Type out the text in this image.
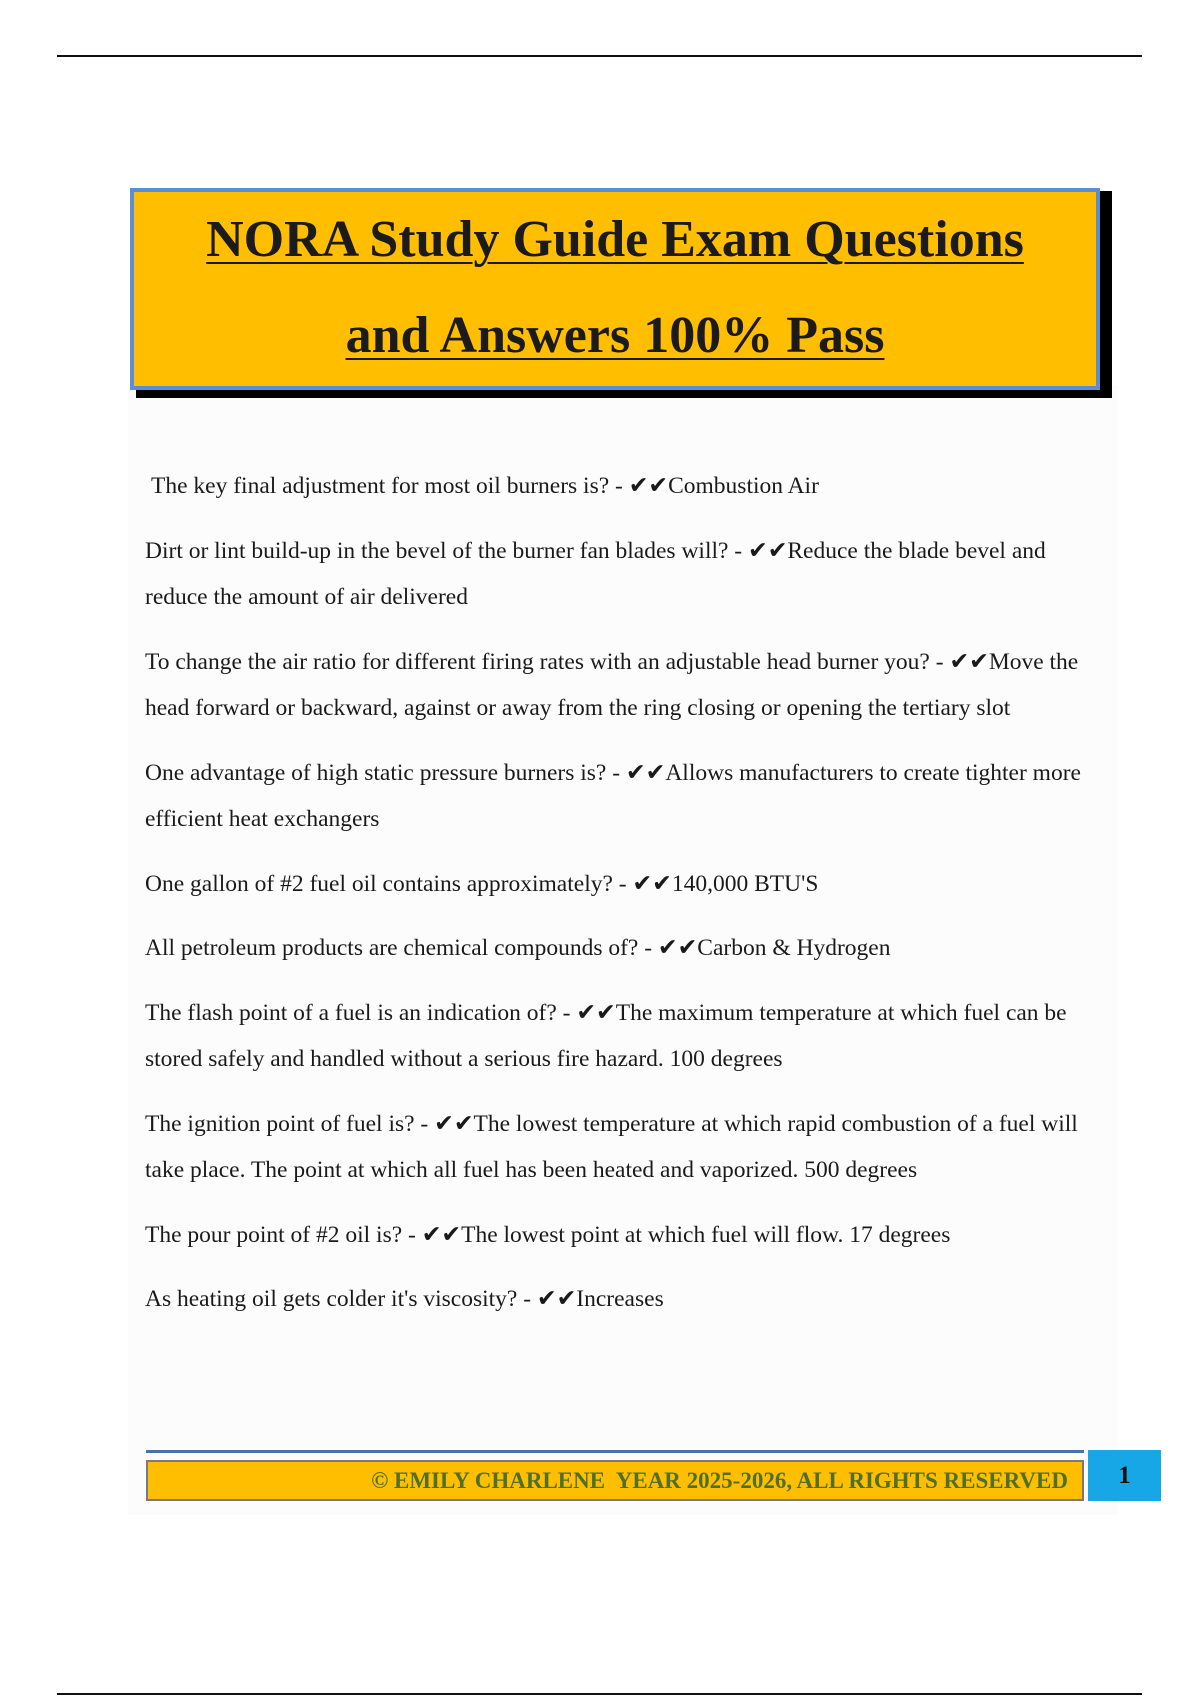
NORA Study Guide Exam Questions
and Answers 100% Pass

The key final adjustment for most oil burners is? - ✔✔Combustion Air

Dirt or lint build-up in the bevel of the burner fan blades will? - ✔✔Reduce the blade bevel and reduce the amount of air delivered

To change the air ratio for different firing rates with an adjustable head burner you? - ✔✔Move the head forward or backward, against or away from the ring closing or opening the tertiary slot

One advantage of high static pressure burners is? - ✔✔Allows manufacturers to create tighter more efficient heat exchangers

One gallon of #2 fuel oil contains approximately? - ✔✔140,000 BTU'S

All petroleum products are chemical compounds of? - ✔✔Carbon & Hydrogen

The flash point of a fuel is an indication of? - ✔✔The maximum temperature at which fuel can be stored safely and handled without a serious fire hazard. 100 degrees

The ignition point of fuel is? - ✔✔The lowest temperature at which rapid combustion of a fuel will take place. The point at which all fuel has been heated and vaporized. 500 degrees

The pour point of #2 oil is? - ✔✔The lowest point at which fuel will flow. 17 degrees

As heating oil gets colder it's viscosity? - ✔✔Increases

© EMILY CHARLENE  YEAR 2025-2026, ALL RIGHTS RESERVED	1
